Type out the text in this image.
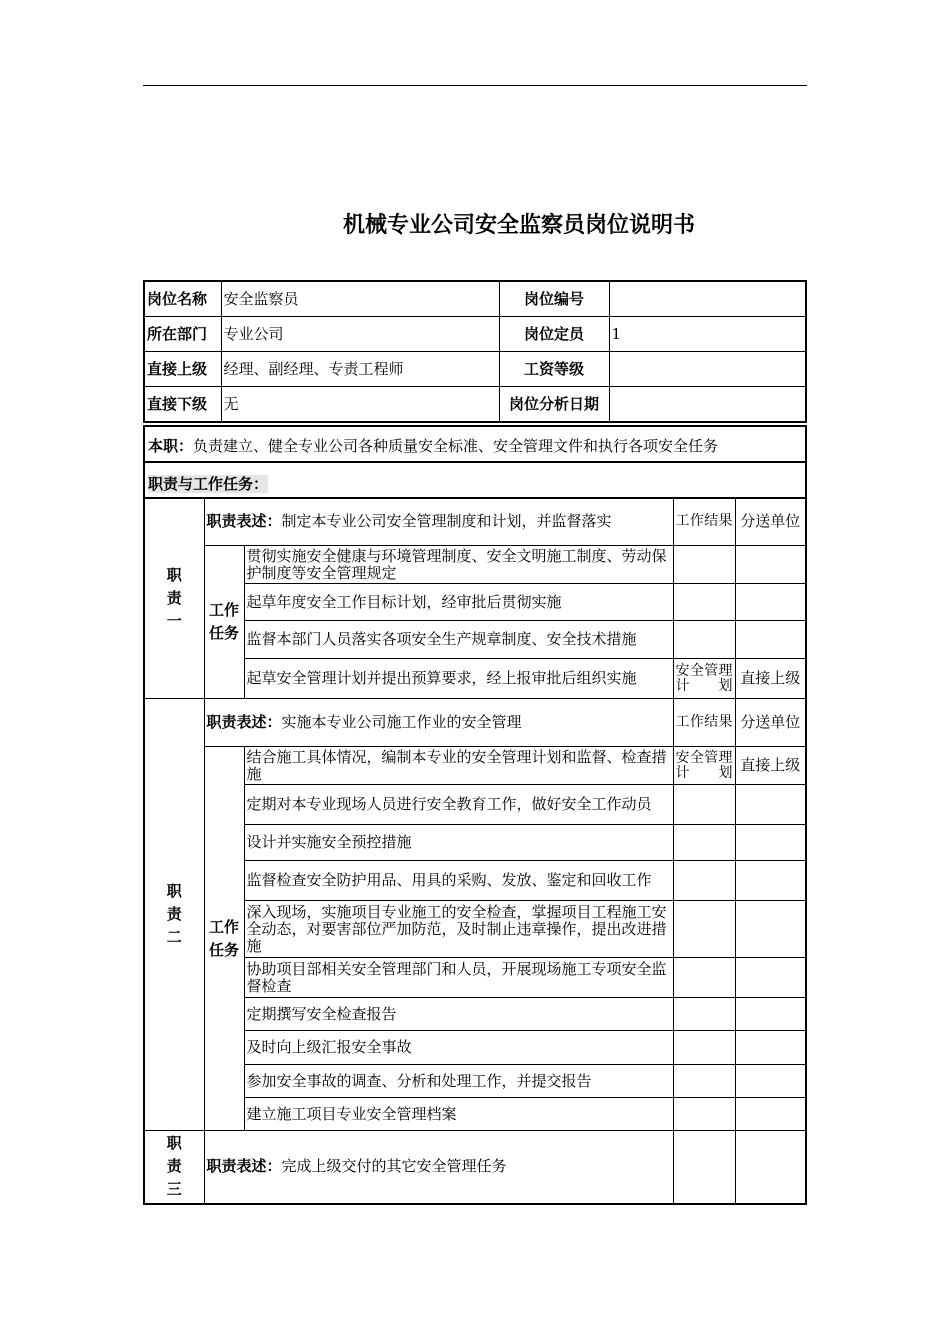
机械专业公司安全监察员岗位说明书
岗位名称	安全监察员	岗位编号	
所在部门	专业公司	岗位定员	1
直接上级	经理、副经理、专责工程师	工资等级	
直接下级	无	岗位分析日期	
本职：负责建立、健全专业公司各种质量安全标准、安全管理文件和执行各项安全任务
职责与工作任务：
职责一	职责表述：制定本专业公司安全管理制度和计划，并监督落实		工作结果	分送单位
	工作任务	贯彻实施安全健康与环境管理制度、安全文明施工制度、劳动保护制度等安全管理规定		
		起草年度安全工作目标计划，经审批后贯彻实施		
		监督本部门人员落实各项安全生产规章制度、安全技术措施		
		起草安全管理计划并提出预算要求，经上报审批后组织实施	安全管理计划	直接上级
职责二	职责表述：实施本专业公司施工作业的安全管理		工作结果	分送单位
	工作任务	结合施工具体情况，编制本专业的安全管理计划和监督、检查措施	安全管理计划	直接上级
		定期对本专业现场人员进行安全教育工作，做好安全工作动员		
		设计并实施安全预控措施		
		监督检查安全防护用品、用具的采购、发放、鉴定和回收工作		
		深入现场，实施项目专业施工的安全检查，掌握项目工程施工安全动态，对要害部位严加防范，及时制止违章操作，提出改进措施		
		协助项目部相关安全管理部门和人员，开展现场施工专项安全监督检查		
		定期撰写安全检查报告		
		及时向上级汇报安全事故		
		参加安全事故的调查、分析和处理工作，并提交报告		
		建立施工项目专业安全管理档案		
职责三	职责表述：完成上级交付的其它安全管理任务			
